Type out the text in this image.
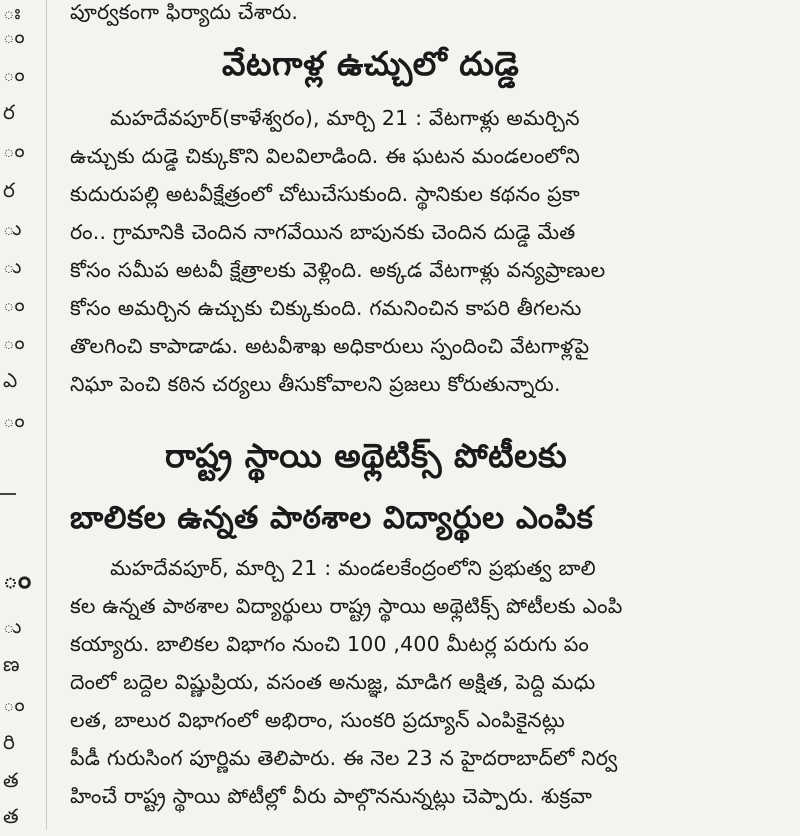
ః
ం
ం
ర
ం
ర
ు
ు
ం
ం
ఎ
ం
ం
ు
ణ
ం
రి
త
త
పూర్వకంగా ఫిర్యాదు చేశారు.
వేటగాళ్ల ఉచ్చులో దుడ్డె
మహదేవపూర్(కాళేశ్వరం), మార్చి 21 : వేటగాళ్లు అమర్చిన
ఉచ్చుకు దుడ్డె చిక్కుకొని విలవిలాడింది. ఈ ఘటన మండలంలోని
కుదురుపల్లి అటవీక్షేత్రంలో చోటుచేసుకుంది. స్థానికుల కథనం ప్రకా
రం.. గ్రామానికి చెందిన నాగవేయిన బాపునకు చెందిన దుడ్డె మేత
కోసం సమీప అటవీ క్షేత్రాలకు వెళ్లింది. అక్కడ వేటగాళ్లు వన్యప్రాణుల
కోసం అమర్చిన ఉచ్చుకు చిక్కుకుంది. గమనించిన కాపరి తీగలను
తొలగించి కాపాడాడు. అటవీశాఖ అధికారులు స్పందించి వేటగాళ్లపై
నిఘా పెంచి కఠిన చర్యలు తీసుకోవాలని ప్రజలు కోరుతున్నారు.
రాష్ట్ర స్థాయి అథ్లెటిక్స్ పోటీలకు
బాలికల ఉన్నత పాఠశాల విద్యార్థుల ఎంపిక
మహదేవపూర్, మార్చి 21 : మండలకేంద్రంలోని ప్రభుత్వ బాలి
కల ఉన్నత పాఠశాల విద్యార్థులు రాష్ట్ర స్థాయి అథ్లెటిక్స్ పోటీలకు ఎంపి
కయ్యారు. బాలికల విభాగం నుంచి 100 ,400 మీటర్ల పరుగు పం
దెంలో బద్దెల విష్ణుప్రియ, వసంత అనుజ్ఞ, మాడిగ అక్షిత, పెద్ది మధు
లత, బాలుర విభాగంలో అభిరాం, సుంకరి ప్రద్యూన్ ఎంపికైనట్లు
పీడీ గురుసింగ పూర్ణిమ తెలిపారు. ఈ నెల 23 న హైదరాబాద్‌లో నిర్వ
హించే రాష్ట్ర స్థాయి పోటీల్లో వీరు పాల్గొననున్నట్లు చెప్పారు. శుక్రవా
